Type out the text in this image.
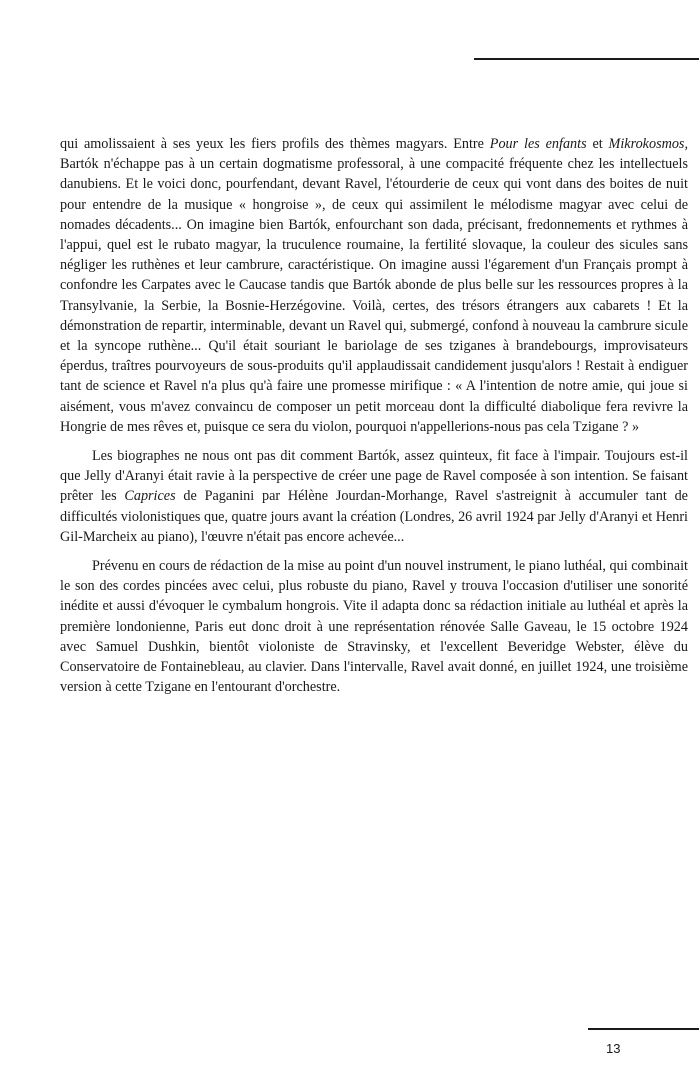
qui amolissaient à ses yeux les fiers profils des thèmes magyars. Entre Pour les enfants et Mikrokosmos, Bartók n'échappe pas à un certain dogmatisme professoral, à une compacité fréquente chez les intellectuels danubiens. Et le voici donc, pourfendant, devant Ravel, l'étourderie de ceux qui vont dans des boites de nuit pour entendre de la musique « hongroise », de ceux qui assimilent le mélodisme magyar avec celui de nomades décadents... On imagine bien Bartók, enfourchant son dada, précisant, fredonnements et rythmes à l'appui, quel est le rubato magyar, la truculence roumaine, la fertilité slovaque, la couleur des sicules sans négliger les ruthènes et leur cambrure, caractéristique. On imagine aussi l'égarement d'un Français prompt à confondre les Carpates avec le Caucase tandis que Bartók abonde de plus belle sur les ressources propres à la Transylvanie, la Serbie, la Bosnie-Herzégovine. Voilà, certes, des trésors étrangers aux cabarets ! Et la démonstration de repartir, interminable, devant un Ravel qui, submergé, confond à nouveau la cambrure sicule et la syncope ruthène... Qu'il était souriant le bariolage de ses tziganes à brandebourgs, improvisateurs éperdus, traîtres pourvoyeurs de sous-produits qu'il applaudissait candidement jusqu'alors ! Restait à endiguer tant de science et Ravel n'a plus qu'à faire une promesse mirifique : « A l'intention de notre amie, qui joue si aisément, vous m'avez convaincu de composer un petit morceau dont la difficulté diabolique fera revivre la Hongrie de mes rêves et, puisque ce sera du violon, pourquoi n'appellerions-nous pas cela Tzigane ? »

Les biographes ne nous ont pas dit comment Bartók, assez quinteux, fit face à l'impair. Toujours est-il que Jelly d'Aranyi était ravie à la perspective de créer une page de Ravel composée à son intention. Se faisant prêter les Caprices de Paganini par Hélène Jourdan-Morhange, Ravel s'astreignit à accumuler tant de difficultés violonistiques que, quatre jours avant la création (Londres, 26 avril 1924 par Jelly d'Aranyi et Henri Gil-Marcheix au piano), l'œuvre n'était pas encore achevée...

Prévenu en cours de rédaction de la mise au point d'un nouvel instrument, le piano luthéal, qui combinait le son des cordes pincées avec celui, plus robuste du piano, Ravel y trouva l'occasion d'utiliser une sonorité inédite et aussi d'évoquer le cymbalum hongrois. Vite il adapta donc sa rédaction initiale au luthéal et après la première londonienne, Paris eut donc droit à une représentation rénovée Salle Gaveau, le 15 octobre 1924 avec Samuel Dushkin, bientôt violoniste de Stravinsky, et l'excellent Beveridge Webster, élève du Conservatoire de Fontainebleau, au clavier. Dans l'intervalle, Ravel avait donné, en juillet 1924, une troisième version à cette Tzigane en l'entourant d'orchestre.

13
